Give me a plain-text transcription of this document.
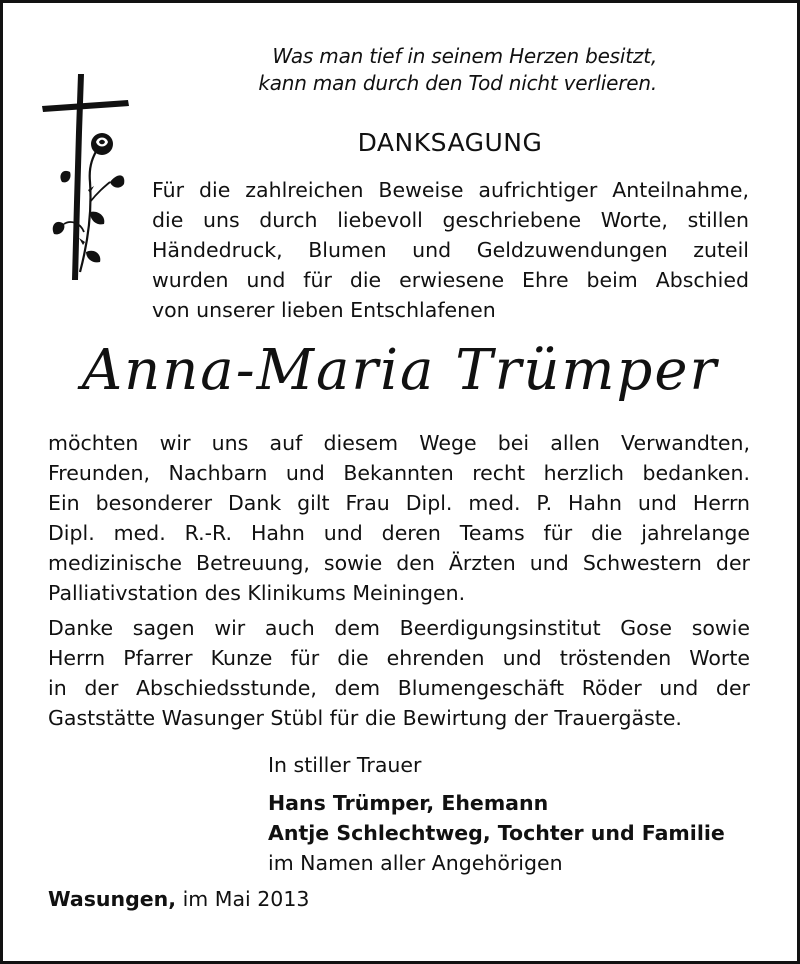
Was man tief in seinem Herzen besitzt,
kann man durch den Tod nicht verlieren.
DANKSAGUNG
Für die zahlreichen Beweise aufrichtiger Anteilnahme,
die uns durch liebevoll geschriebene Worte, stillen
Händedruck, Blumen und Geldzuwendungen zuteil
wurden und für die erwiesene Ehre beim Abschied
von unserer lieben Entschlafenen
Anna-Maria Trümper
möchten wir uns auf diesem Wege bei allen Verwandten,
Freunden, Nachbarn und Bekannten recht herzlich bedanken.
Ein besonderer Dank gilt Frau Dipl. med. P. Hahn und Herrn
Dipl. med. R.-R. Hahn und deren Teams für die jahrelange
medizinische Betreuung, sowie den Ärzten und Schwestern der
Palliativstation des Klinikums Meiningen.
Danke sagen wir auch dem Beerdigungsinstitut Gose sowie
Herrn Pfarrer Kunze für die ehrenden und tröstenden Worte
in der Abschiedsstunde, dem Blumengeschäft Röder und der
Gaststätte Wasunger Stübl für die Bewirtung der Trauergäste.
In stiller Trauer
Hans Trümper, Ehemann
Antje Schlechtweg, Tochter und Familie
im Namen aller Angehörigen
Wasungen, im Mai 2013
